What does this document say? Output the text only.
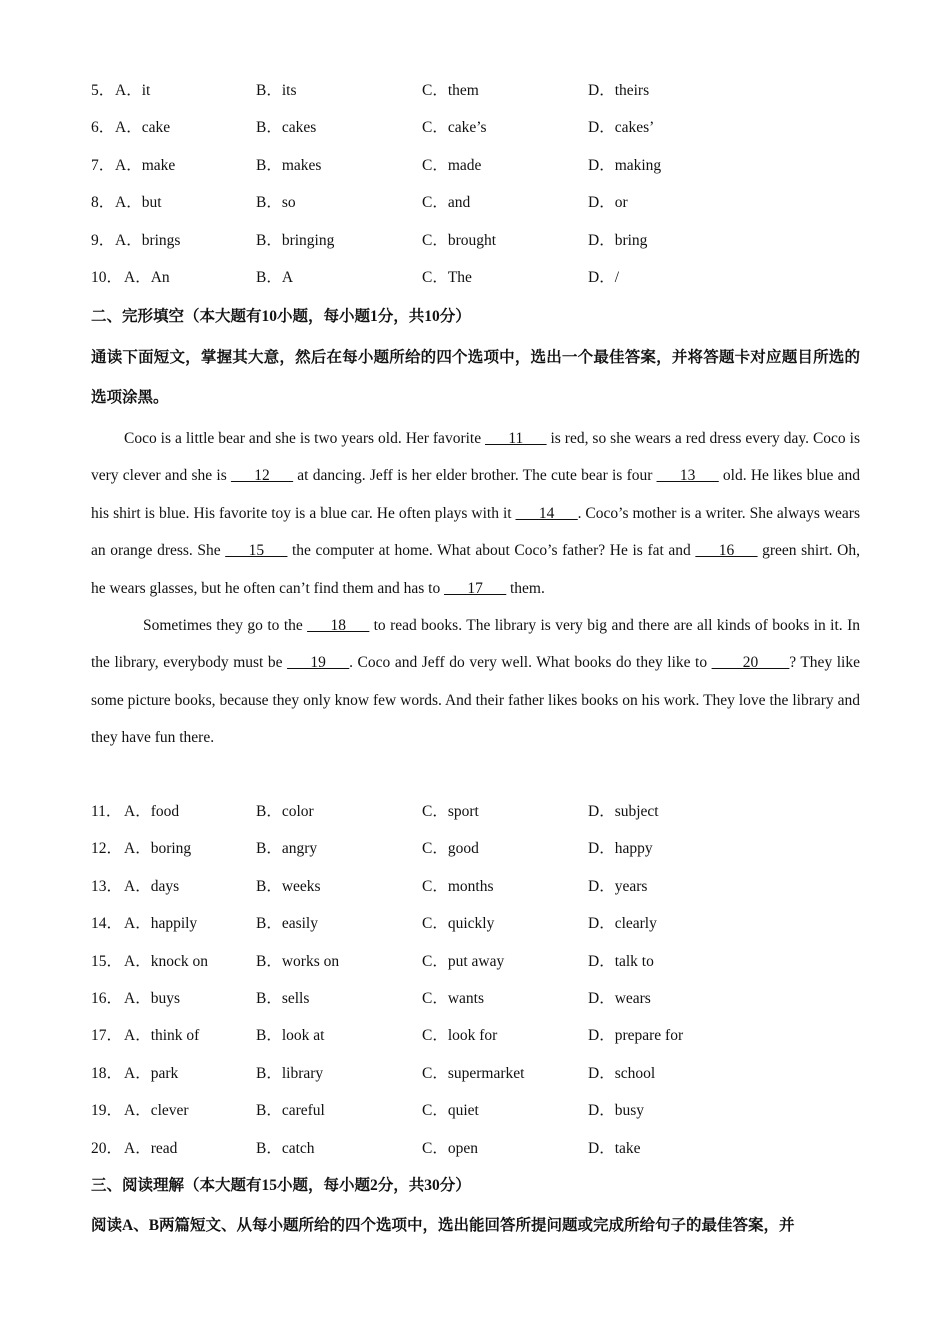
5． A．it	B．its	C．them	D．theirs
6． A．cake	B．cakes	C．cake’s	D．cakes’
7． A．make	B．makes	C．made	D．making
8． A．but	B．so	C．and	D．or
9． A．brings	B．bringing	C．brought	D．bring
10． A．An	B．A	C．The	D．/
二、完形填空（本大题有10小题，每小题1分，共10分）
通读下面短文，掌握其大意，然后在每小题所给的四个选项中，选出一个最佳答案，并将答题卡对应题目所选的选项涂黑。

Coco is a little bear and she is two years old. Her favorite ___11___ is red, so she wears a red dress every day. Coco is very clever and she is ___12___ at dancing. Jeff is her elder brother. The cute bear is four ___13___ old. He likes blue and his shirt is blue. His favorite toy is a blue car. He often plays with it ___14___. Coco’s mother is a writer. She always wears an orange dress. She ___15___ the computer at home. What about Coco’s father? He is fat and ___16___ green shirt. Oh, he wears glasses, but he often can’t find them and has to ___17___ them.

Sometimes they go to the ___18___ to read books. The library is very big and there are all kinds of books in it. In the library, everybody must be ___19___. Coco and Jeff do very well. What books do they like to ____20____? They like some picture books, because they only know few words. And their father likes books on his work. They love the library and they have fun there.

11． A．food	B．color	C．sport	D．subject
12． A．boring	B．angry	C．good	D．happy
13． A．days	B．weeks	C．months	D．years
14． A．happily	B．easily	C．quickly	D．clearly
15． A．knock on	B．works on	C．put away	D．talk to
16． A．buys	B．sells	C．wants	D．wears
17． A．think of	B．look at	C．look for	D．prepare for
18． A．park	B．library	C．supermarket	D．school
19． A．clever	B．careful	C．quiet	D．busy
20． A．read	B．catch	C．open	D．take
三、阅读理解（本大题有15小题，每小题2分，共30分）
阅读A、B两篇短文、从每小题所给的四个选项中，选出能回答所提问题或完成所给句子的最佳答案，并
